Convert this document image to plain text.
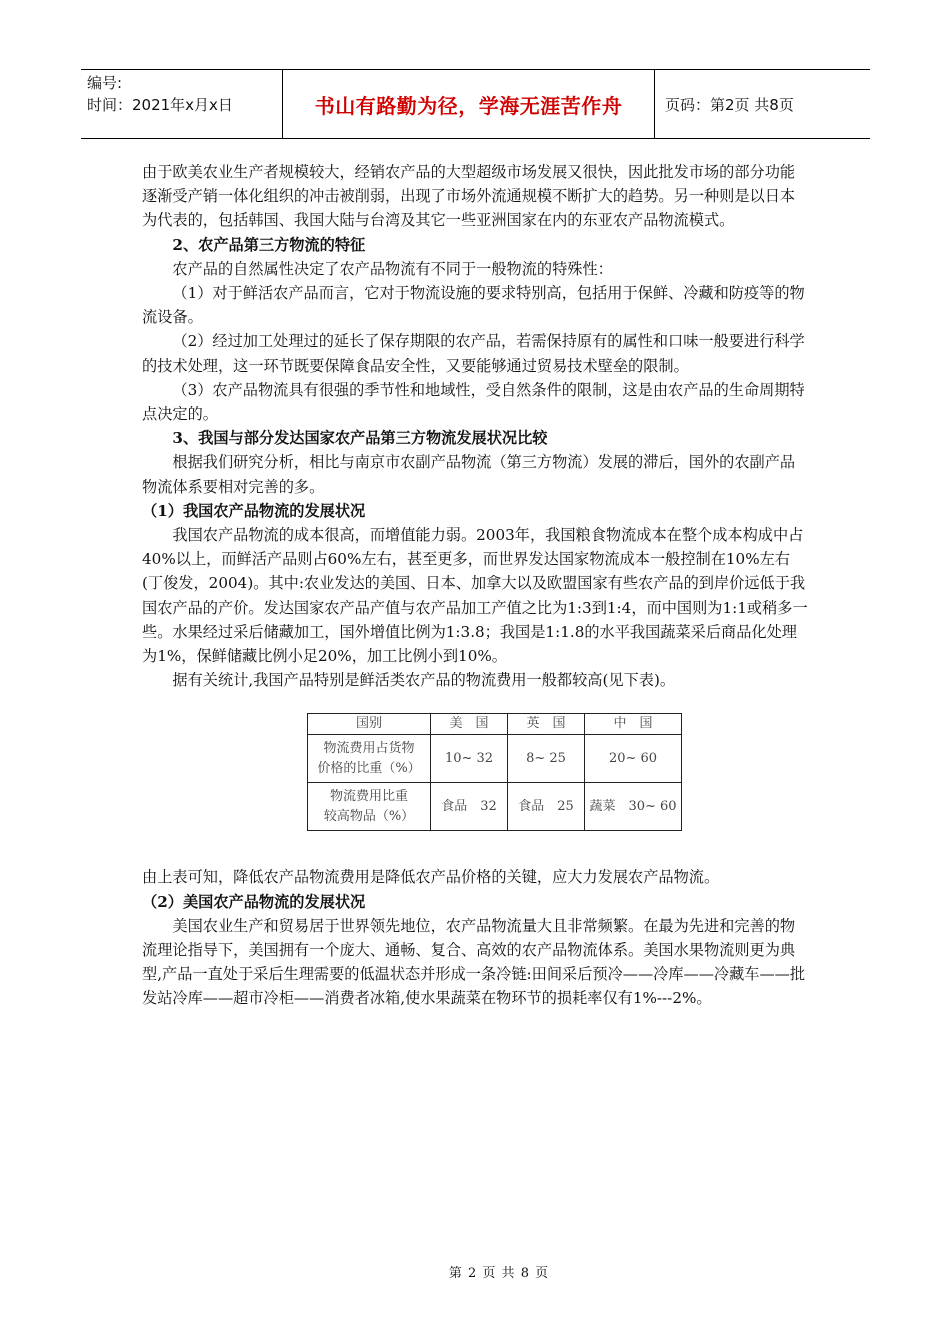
编号:
时间：2021年x月x日	书山有路勤为径，学海无涯苦作舟	页码：第2页 共8页

由于欧美农业生产者规模较大，经销农产品的大型超级市场发展又很快，因此批发市场的部分功能逐渐受产销一体化组织的冲击被削弱，出现了市场外流通规模不断扩大的趋势。另一种则是以日本为代表的，包括韩国、我国大陆与台湾及其它一些亚洲国家在内的东亚农产品物流模式。

2、农产品第三方物流的特征

农产品的自然属性决定了农产品物流有不同于一般物流的特殊性：

（1）对于鲜活农产品而言，它对于物流设施的要求特别高，包括用于保鲜、冷藏和防疫等的物流设备。

（2）经过加工处理过的延长了保存期限的农产品，若需保持原有的属性和口味一般要进行科学的技术处理，这一环节既要保障食品安全性，又要能够通过贸易技术壁垒的限制。

（3）农产品物流具有很强的季节性和地域性，受自然条件的限制，这是由农产品的生命周期特点决定的。

3、我国与部分发达国家农产品第三方物流发展状况比较

根据我们研究分析，相比与南京市农副产品物流（第三方物流）发展的滞后，国外的农副产品物流体系要相对完善的多。

（1）我国农产品物流的发展状况

我国农产品物流的成本很高，而增值能力弱。2003年，我国粮食物流成本在整个成本构成中占40%以上，而鲜活产品则占60%左右，甚至更多，而世界发达国家物流成本一般控制在10%左右(丁俊发，2004)。其中:农业发达的美国、日本、加拿大以及欧盟国家有些农产品的到岸价远低于我国农产品的产价。发达国家农产品产值与农产品加工产值之比为1:3到1:4，而中国则为1:1或稍多一些。水果经过采后储藏加工，国外增值比例为1:3.8；我国是1:1.8的水平我国蔬菜采后商品化处理为1%，保鲜储藏比例小足20%，加工比例小到10%。

据有关统计,我国产品特别是鲜活类农产品的物流费用一般都较高(见下表)。

国别	美　国	英　国	中　国

物流费用占货物
价格的比重（%）	10~ 32	8~ 25	20~ 60

物流费用比重
较高物品（%）	食品　32	食品　25	蔬菜　30~ 60

由上表可知，降低农产品物流费用是降低农产品价格的关键，应大力发展农产品物流。

（2）美国农产品物流的发展状况

美国农业生产和贸易居于世界领先地位，农产品物流量大且非常频繁。在最为先进和完善的物流理论指导下，美国拥有一个庞大、通畅、复合、高效的农产品物流体系。美国水果物流则更为典型,产品一直处于采后生理需要的低温状态并形成一条冷链:田间采后预冷——冷库——冷藏车——批发站冷库——超市冷柜——消费者冰箱,使水果蔬菜在物环节的损耗率仅有1%---2%。

第 2 页 共 8 页
